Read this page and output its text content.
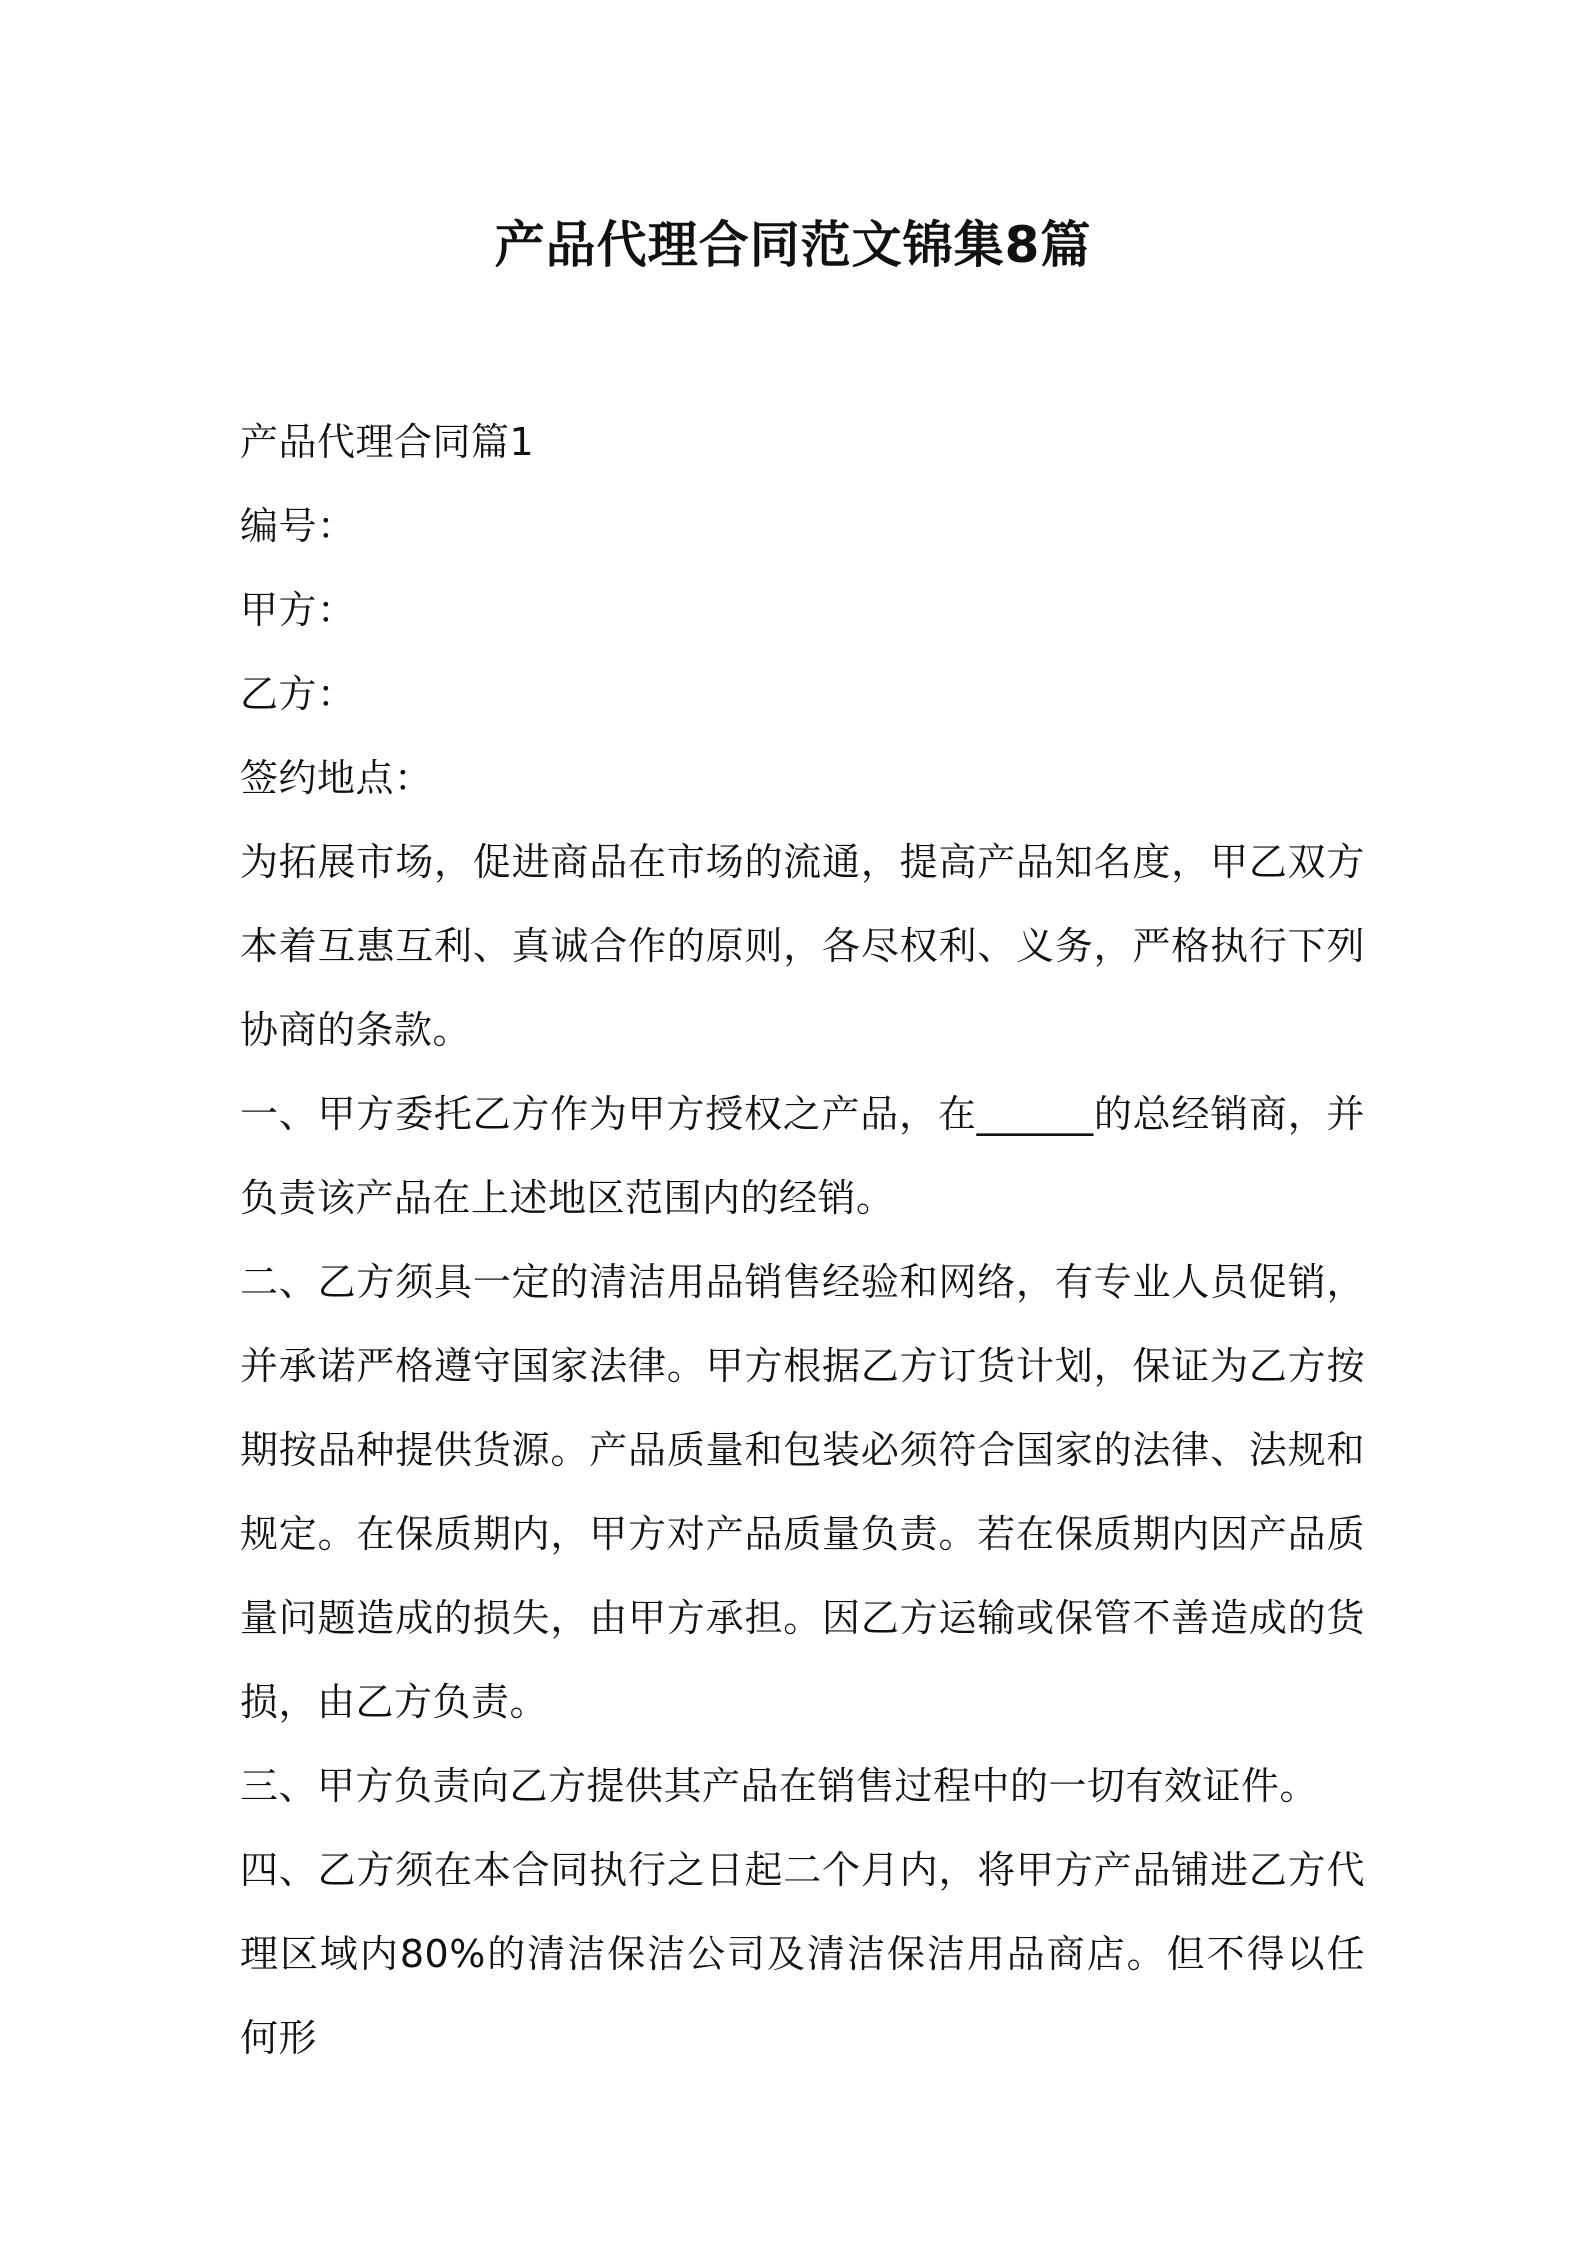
产品代理合同范文锦集8篇
产品代理合同篇1
编号：
甲方：
乙方：
签约地点：
为拓展市场，促进商品在市场的流通，提高产品知名度，甲乙双方本着互惠互利、真诚合作的原则，各尽权利、义务，严格执行下列协商的条款。
一、甲方委托乙方作为甲方授权之产品，在______的总经销商，并负责该产品在上述地区范围内的经销。
二、乙方须具一定的清洁用品销售经验和网络，有专业人员促销，并承诺严格遵守国家法律。甲方根据乙方订货计划，保证为乙方按期按品种提供货源。产品质量和包装必须符合国家的法律、法规和规定。在保质期内，甲方对产品质量负责。若在保质期内因产品质量问题造成的损失，由甲方承担。因乙方运输或保管不善造成的货损，由乙方负责。
三、甲方负责向乙方提供其产品在销售过程中的一切有效证件。
四、乙方须在本合同执行之日起二个月内，将甲方产品铺进乙方代理区域内80%的清洁保洁公司及清洁保洁用品商店。但不得以任何形
